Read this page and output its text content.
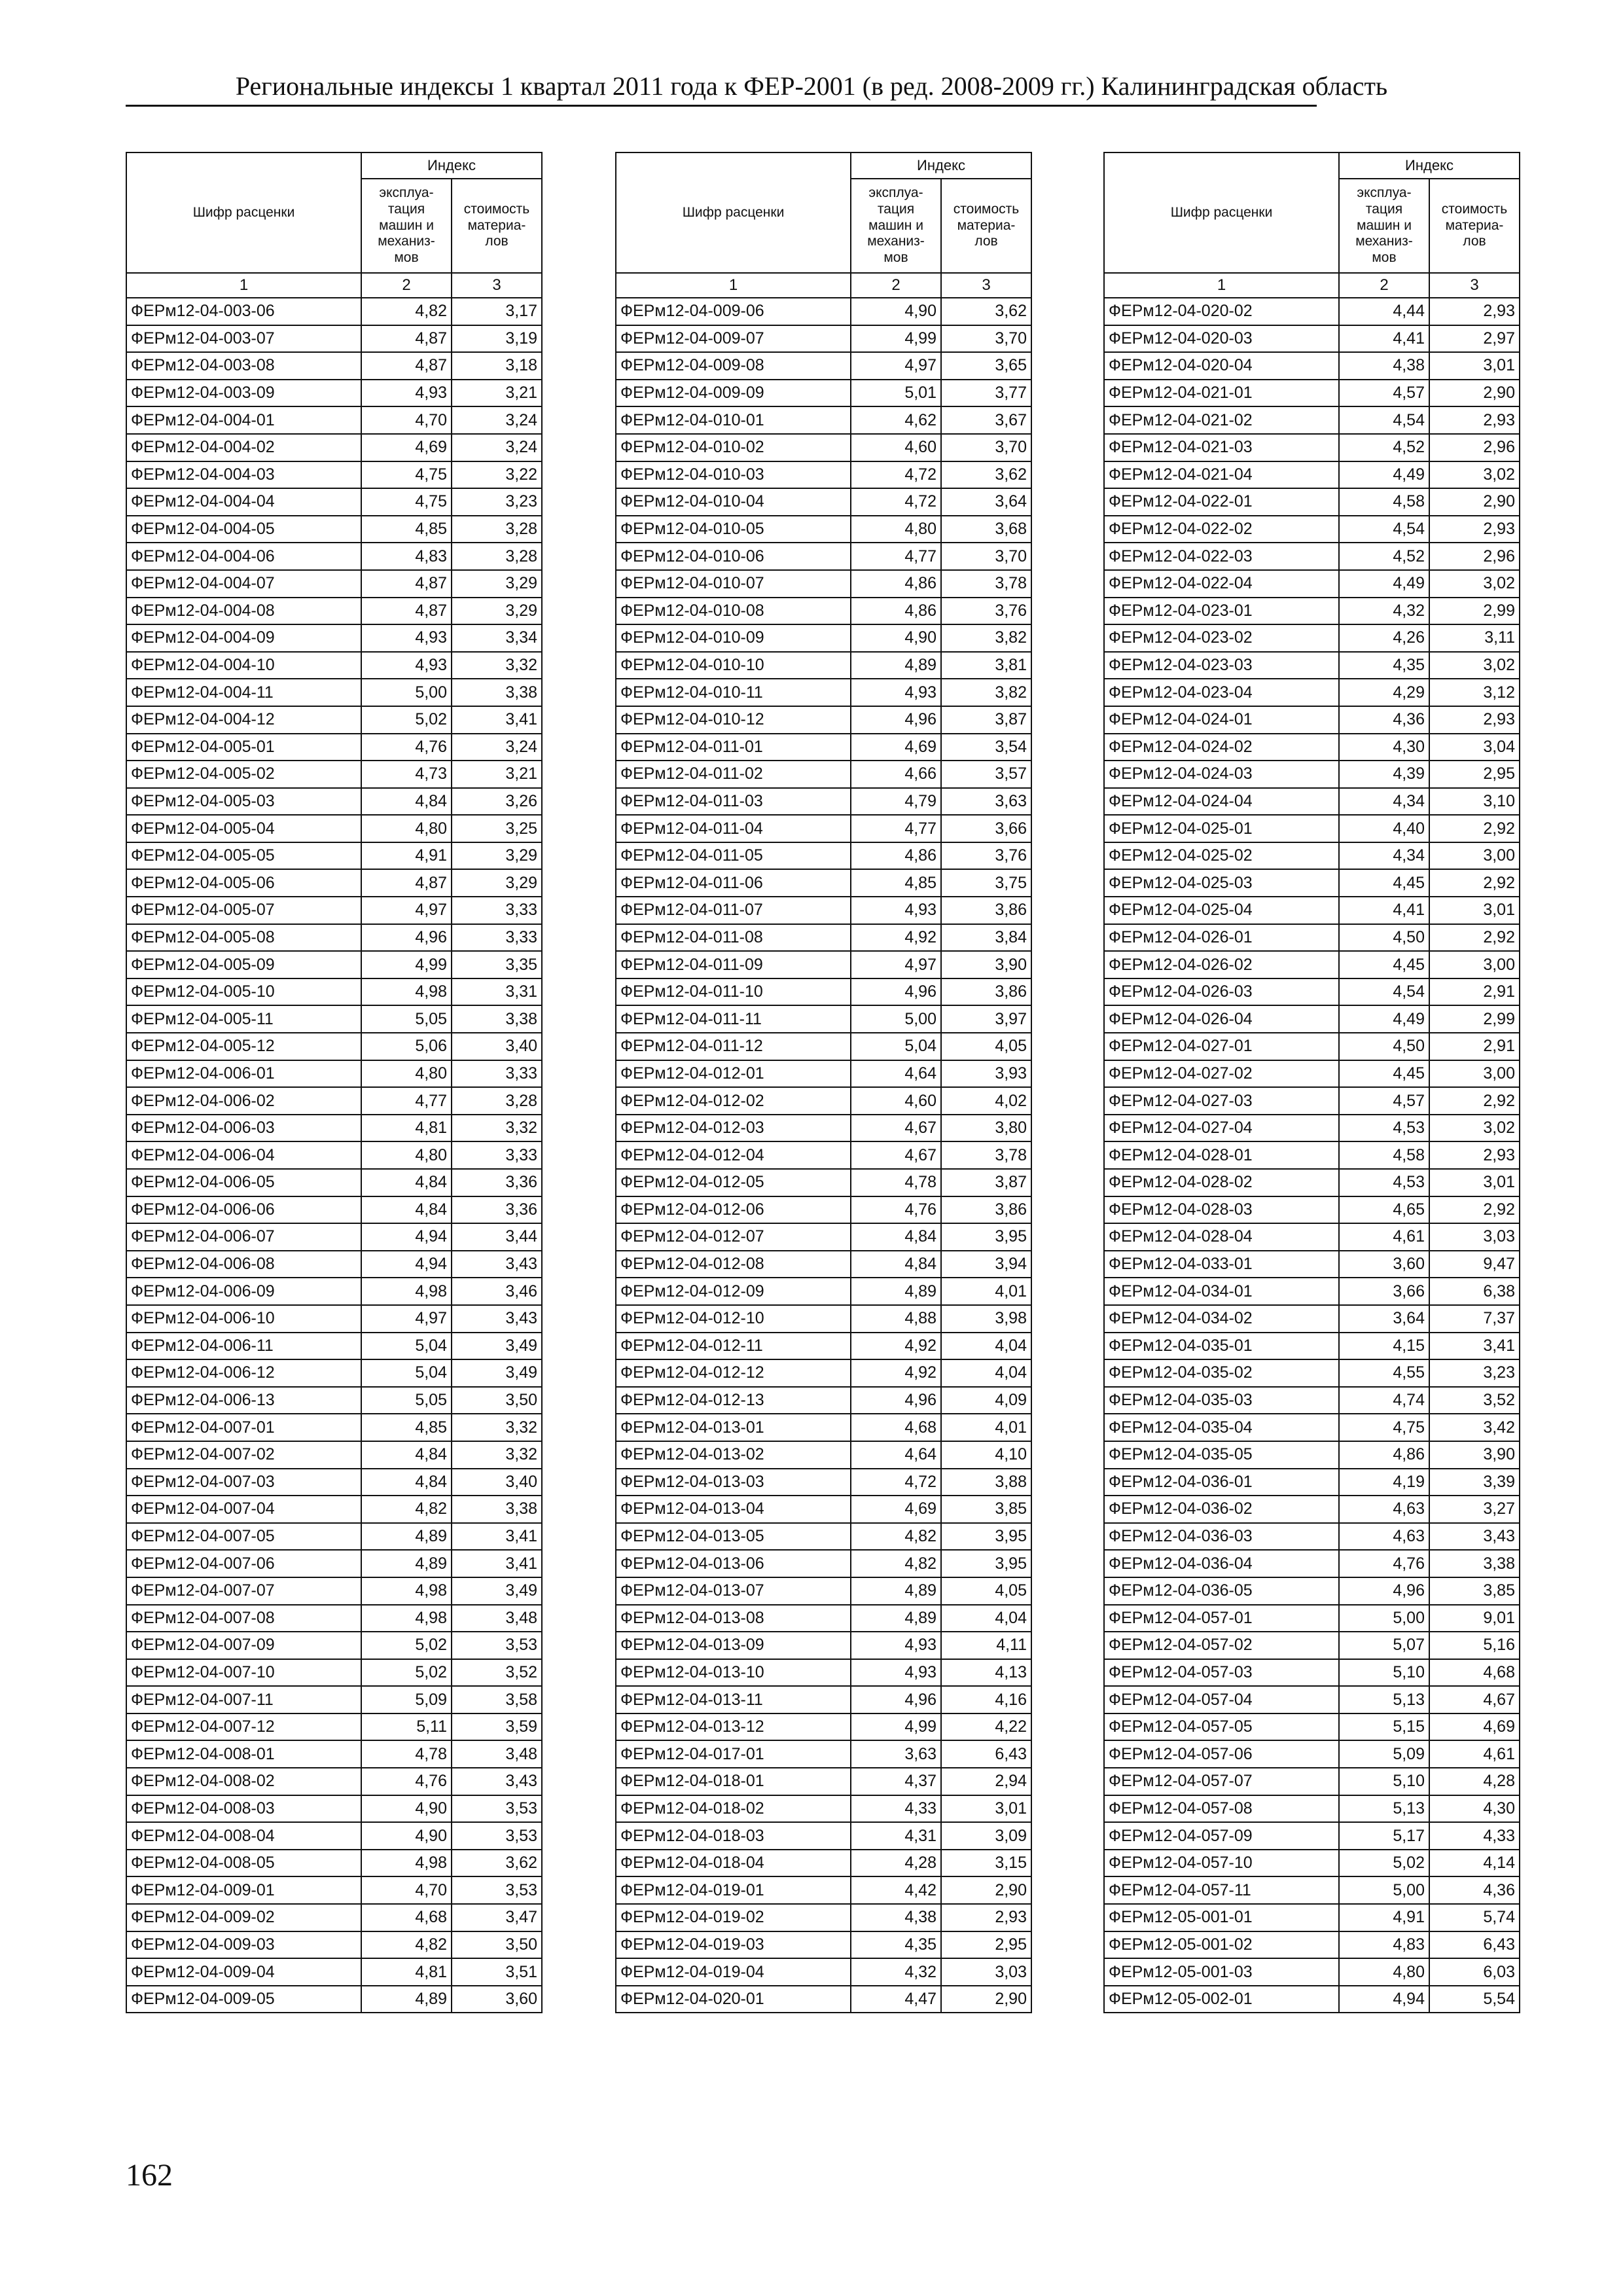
Региональные индексы 1 квартал 2011 года к ФЕР-2001 (в ред. 2008-2009 гг.) Калининградская область
Шифр расценки	Индекс	
	эксплуа-
тация
машин и
механиз-
мов	стоимость
материа-
лов
1	2	3
ФЕРм12-04-003-06	4,82	3,17
ФЕРм12-04-003-07	4,87	3,19
ФЕРм12-04-003-08	4,87	3,18
ФЕРм12-04-003-09	4,93	3,21
ФЕРм12-04-004-01	4,70	3,24
ФЕРм12-04-004-02	4,69	3,24
ФЕРм12-04-004-03	4,75	3,22
ФЕРм12-04-004-04	4,75	3,23
ФЕРм12-04-004-05	4,85	3,28
ФЕРм12-04-004-06	4,83	3,28
ФЕРм12-04-004-07	4,87	3,29
ФЕРм12-04-004-08	4,87	3,29
ФЕРм12-04-004-09	4,93	3,34
ФЕРм12-04-004-10	4,93	3,32
ФЕРм12-04-004-11	5,00	3,38
ФЕРм12-04-004-12	5,02	3,41
ФЕРм12-04-005-01	4,76	3,24
ФЕРм12-04-005-02	4,73	3,21
ФЕРм12-04-005-03	4,84	3,26
ФЕРм12-04-005-04	4,80	3,25
ФЕРм12-04-005-05	4,91	3,29
ФЕРм12-04-005-06	4,87	3,29
ФЕРм12-04-005-07	4,97	3,33
ФЕРм12-04-005-08	4,96	3,33
ФЕРм12-04-005-09	4,99	3,35
ФЕРм12-04-005-10	4,98	3,31
ФЕРм12-04-005-11	5,05	3,38
ФЕРм12-04-005-12	5,06	3,40
ФЕРм12-04-006-01	4,80	3,33
ФЕРм12-04-006-02	4,77	3,28
ФЕРм12-04-006-03	4,81	3,32
ФЕРм12-04-006-04	4,80	3,33
ФЕРм12-04-006-05	4,84	3,36
ФЕРм12-04-006-06	4,84	3,36
ФЕРм12-04-006-07	4,94	3,44
ФЕРм12-04-006-08	4,94	3,43
ФЕРм12-04-006-09	4,98	3,46
ФЕРм12-04-006-10	4,97	3,43
ФЕРм12-04-006-11	5,04	3,49
ФЕРм12-04-006-12	5,04	3,49
ФЕРм12-04-006-13	5,05	3,50
ФЕРм12-04-007-01	4,85	3,32
ФЕРм12-04-007-02	4,84	3,32
ФЕРм12-04-007-03	4,84	3,40
ФЕРм12-04-007-04	4,82	3,38
ФЕРм12-04-007-05	4,89	3,41
ФЕРм12-04-007-06	4,89	3,41
ФЕРм12-04-007-07	4,98	3,49
ФЕРм12-04-007-08	4,98	3,48
ФЕРм12-04-007-09	5,02	3,53
ФЕРм12-04-007-10	5,02	3,52
ФЕРм12-04-007-11	5,09	3,58
ФЕРм12-04-007-12	5,11	3,59
ФЕРм12-04-008-01	4,78	3,48
ФЕРм12-04-008-02	4,76	3,43
ФЕРм12-04-008-03	4,90	3,53
ФЕРм12-04-008-04	4,90	3,53
ФЕРм12-04-008-05	4,98	3,62
ФЕРм12-04-009-01	4,70	3,53
ФЕРм12-04-009-02	4,68	3,47
ФЕРм12-04-009-03	4,82	3,50
ФЕРм12-04-009-04	4,81	3,51
ФЕРм12-04-009-05	4,89	3,60
Шифр расценки	Индекс	
	эксплуа-
тация
машин и
механиз-
мов	стоимость
материа-
лов
1	2	3
ФЕРм12-04-009-06	4,90	3,62
ФЕРм12-04-009-07	4,99	3,70
ФЕРм12-04-009-08	4,97	3,65
ФЕРм12-04-009-09	5,01	3,77
ФЕРм12-04-010-01	4,62	3,67
ФЕРм12-04-010-02	4,60	3,70
ФЕРм12-04-010-03	4,72	3,62
ФЕРм12-04-010-04	4,72	3,64
ФЕРм12-04-010-05	4,80	3,68
ФЕРм12-04-010-06	4,77	3,70
ФЕРм12-04-010-07	4,86	3,78
ФЕРм12-04-010-08	4,86	3,76
ФЕРм12-04-010-09	4,90	3,82
ФЕРм12-04-010-10	4,89	3,81
ФЕРм12-04-010-11	4,93	3,82
ФЕРм12-04-010-12	4,96	3,87
ФЕРм12-04-011-01	4,69	3,54
ФЕРм12-04-011-02	4,66	3,57
ФЕРм12-04-011-03	4,79	3,63
ФЕРм12-04-011-04	4,77	3,66
ФЕРм12-04-011-05	4,86	3,76
ФЕРм12-04-011-06	4,85	3,75
ФЕРм12-04-011-07	4,93	3,86
ФЕРм12-04-011-08	4,92	3,84
ФЕРм12-04-011-09	4,97	3,90
ФЕРм12-04-011-10	4,96	3,86
ФЕРм12-04-011-11	5,00	3,97
ФЕРм12-04-011-12	5,04	4,05
ФЕРм12-04-012-01	4,64	3,93
ФЕРм12-04-012-02	4,60	4,02
ФЕРм12-04-012-03	4,67	3,80
ФЕРм12-04-012-04	4,67	3,78
ФЕРм12-04-012-05	4,78	3,87
ФЕРм12-04-012-06	4,76	3,86
ФЕРм12-04-012-07	4,84	3,95
ФЕРм12-04-012-08	4,84	3,94
ФЕРм12-04-012-09	4,89	4,01
ФЕРм12-04-012-10	4,88	3,98
ФЕРм12-04-012-11	4,92	4,04
ФЕРм12-04-012-12	4,92	4,04
ФЕРм12-04-012-13	4,96	4,09
ФЕРм12-04-013-01	4,68	4,01
ФЕРм12-04-013-02	4,64	4,10
ФЕРм12-04-013-03	4,72	3,88
ФЕРм12-04-013-04	4,69	3,85
ФЕРм12-04-013-05	4,82	3,95
ФЕРм12-04-013-06	4,82	3,95
ФЕРм12-04-013-07	4,89	4,05
ФЕРм12-04-013-08	4,89	4,04
ФЕРм12-04-013-09	4,93	4,11
ФЕРм12-04-013-10	4,93	4,13
ФЕРм12-04-013-11	4,96	4,16
ФЕРм12-04-013-12	4,99	4,22
ФЕРм12-04-017-01	3,63	6,43
ФЕРм12-04-018-01	4,37	2,94
ФЕРм12-04-018-02	4,33	3,01
ФЕРм12-04-018-03	4,31	3,09
ФЕРм12-04-018-04	4,28	3,15
ФЕРм12-04-019-01	4,42	2,90
ФЕРм12-04-019-02	4,38	2,93
ФЕРм12-04-019-03	4,35	2,95
ФЕРм12-04-019-04	4,32	3,03
ФЕРм12-04-020-01	4,47	2,90
Шифр расценки	Индекс	
	эксплуа-
тация
машин и
механиз-
мов	стоимость
материа-
лов
1	2	3
ФЕРм12-04-020-02	4,44	2,93
ФЕРм12-04-020-03	4,41	2,97
ФЕРм12-04-020-04	4,38	3,01
ФЕРм12-04-021-01	4,57	2,90
ФЕРм12-04-021-02	4,54	2,93
ФЕРм12-04-021-03	4,52	2,96
ФЕРм12-04-021-04	4,49	3,02
ФЕРм12-04-022-01	4,58	2,90
ФЕРм12-04-022-02	4,54	2,93
ФЕРм12-04-022-03	4,52	2,96
ФЕРм12-04-022-04	4,49	3,02
ФЕРм12-04-023-01	4,32	2,99
ФЕРм12-04-023-02	4,26	3,11
ФЕРм12-04-023-03	4,35	3,02
ФЕРм12-04-023-04	4,29	3,12
ФЕРм12-04-024-01	4,36	2,93
ФЕРм12-04-024-02	4,30	3,04
ФЕРм12-04-024-03	4,39	2,95
ФЕРм12-04-024-04	4,34	3,10
ФЕРм12-04-025-01	4,40	2,92
ФЕРм12-04-025-02	4,34	3,00
ФЕРм12-04-025-03	4,45	2,92
ФЕРм12-04-025-04	4,41	3,01
ФЕРм12-04-026-01	4,50	2,92
ФЕРм12-04-026-02	4,45	3,00
ФЕРм12-04-026-03	4,54	2,91
ФЕРм12-04-026-04	4,49	2,99
ФЕРм12-04-027-01	4,50	2,91
ФЕРм12-04-027-02	4,45	3,00
ФЕРм12-04-027-03	4,57	2,92
ФЕРм12-04-027-04	4,53	3,02
ФЕРм12-04-028-01	4,58	2,93
ФЕРм12-04-028-02	4,53	3,01
ФЕРм12-04-028-03	4,65	2,92
ФЕРм12-04-028-04	4,61	3,03
ФЕРм12-04-033-01	3,60	9,47
ФЕРм12-04-034-01	3,66	6,38
ФЕРм12-04-034-02	3,64	7,37
ФЕРм12-04-035-01	4,15	3,41
ФЕРм12-04-035-02	4,55	3,23
ФЕРм12-04-035-03	4,74	3,52
ФЕРм12-04-035-04	4,75	3,42
ФЕРм12-04-035-05	4,86	3,90
ФЕРм12-04-036-01	4,19	3,39
ФЕРм12-04-036-02	4,63	3,27
ФЕРм12-04-036-03	4,63	3,43
ФЕРм12-04-036-04	4,76	3,38
ФЕРм12-04-036-05	4,96	3,85
ФЕРм12-04-057-01	5,00	9,01
ФЕРм12-04-057-02	5,07	5,16
ФЕРм12-04-057-03	5,10	4,68
ФЕРм12-04-057-04	5,13	4,67
ФЕРм12-04-057-05	5,15	4,69
ФЕРм12-04-057-06	5,09	4,61
ФЕРм12-04-057-07	5,10	4,28
ФЕРм12-04-057-08	5,13	4,30
ФЕРм12-04-057-09	5,17	4,33
ФЕРм12-04-057-10	5,02	4,14
ФЕРм12-04-057-11	5,00	4,36
ФЕРм12-05-001-01	4,91	5,74
ФЕРм12-05-001-02	4,83	6,43
ФЕРм12-05-001-03	4,80	6,03
ФЕРм12-05-002-01	4,94	5,54
162
